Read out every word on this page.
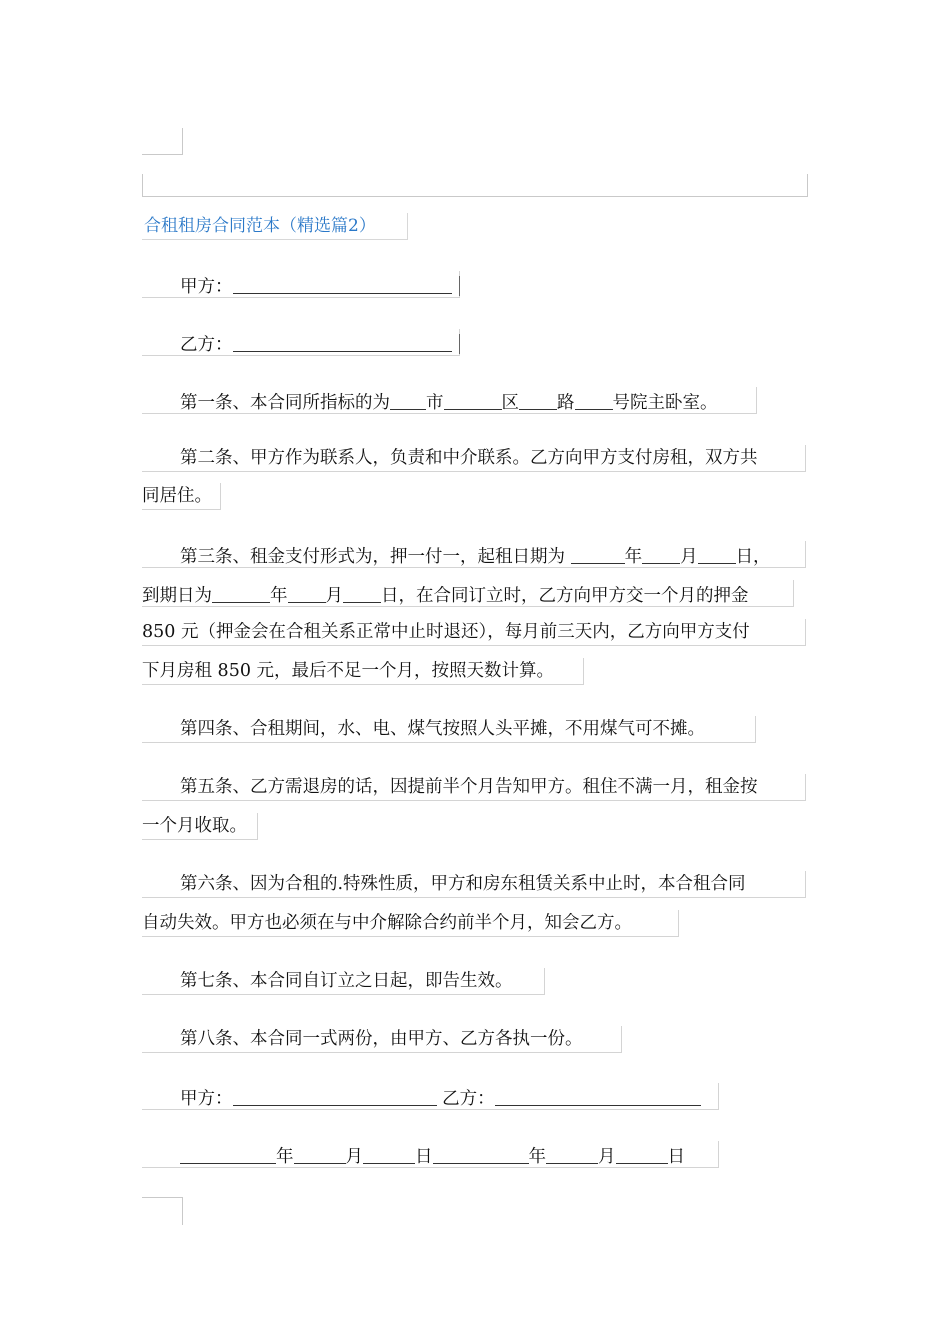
合租租房合同范本（精选篇2）
甲方：
乙方：
第一条、本合同所指标的为 市	区 路 号院主卧室。
第二条、甲方作为联系人，负责和中介联系。乙方向甲方支付房租，双方共
同居住。
第三条、租金支付形式为，押一付一，起租日期为	年 月 日，
到期日为	年 月 日，在合同订立时，乙方向甲方交一个月的押金
850 元（押金会在合租关系正常中止时退还），每月前三天内，乙方向甲方支付
下月房租 850 元，最后不足一个月，按照天数计算。
第四条、合租期间，水、电、煤气按照人头平摊，不用煤气可不摊。
第五条、乙方需退房的话，因提前半个月告知甲方。租住不满一月，租金按
一个月收取。
第六条、因为合租的.特殊性质，甲方和房东租赁关系中止时，本合租合同
自动失效。甲方也必须在与中介解除合约前半个月，知会乙方。
第七条、本合同自订立之日起，即告生效。
第八条、本合同一式两份，由甲方、乙方各执一份。
甲方：	乙方：
年	月	日	年	月	日
